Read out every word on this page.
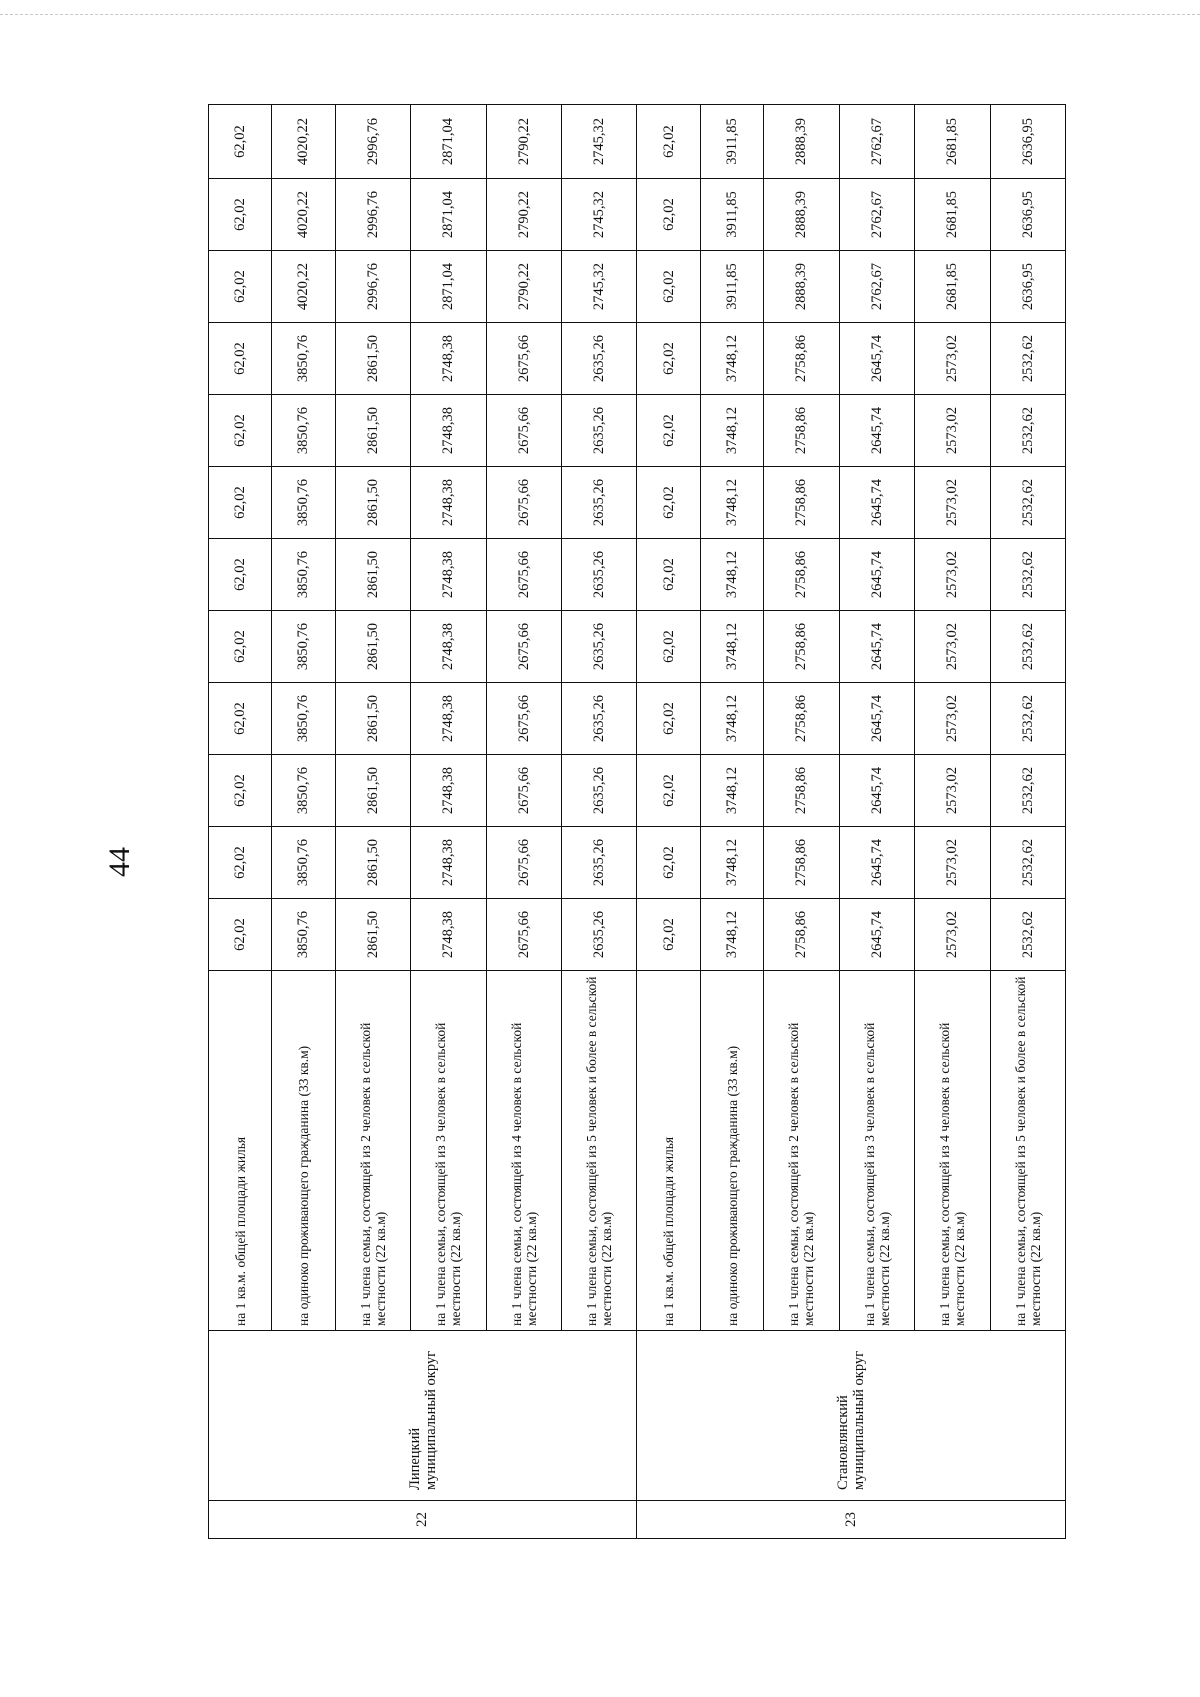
44
22	Липецкий муниципальный округ	на 1 кв.м. общей площади жилья	62,02	62,02	62,02	62,02	62,02	62,02	62,02	62,02	62,02	62,02	62,02	62,02
		на одиноко проживающего гражданина (33 кв.м)	3850,76	3850,76	3850,76	3850,76	3850,76	3850,76	3850,76	3850,76	3850,76	4020,22	4020,22	4020,22
		на 1 члена семьи, состоящей из 2 человек в сельской местности (22 кв.м)	2861,50	2861,50	2861,50	2861,50	2861,50	2861,50	2861,50	2861,50	2861,50	2996,76	2996,76	2996,76
		на 1 члена семьи, состоящей из 3 человек в сельской местности (22 кв.м)	2748,38	2748,38	2748,38	2748,38	2748,38	2748,38	2748,38	2748,38	2748,38	2871,04	2871,04	2871,04
		на 1 члена семьи, состоящей из 4 человек в сельской местности (22 кв.м)	2675,66	2675,66	2675,66	2675,66	2675,66	2675,66	2675,66	2675,66	2675,66	2790,22	2790,22	2790,22
		на 1 члена семьи, состоящей из 5 человек и более в сельской местности (22 кв.м)	2635,26	2635,26	2635,26	2635,26	2635,26	2635,26	2635,26	2635,26	2635,26	2745,32	2745,32	2745,32
23	Становлянский муниципальный округ	на 1 кв.м. общей площади жилья	62,02	62,02	62,02	62,02	62,02	62,02	62,02	62,02	62,02	62,02	62,02	62,02
		на одиноко проживающего гражданина (33 кв.м)	3748,12	3748,12	3748,12	3748,12	3748,12	3748,12	3748,12	3748,12	3748,12	3911,85	3911,85	3911,85
		на 1 члена семьи, состоящей из 2 человек в сельской местности (22 кв.м)	2758,86	2758,86	2758,86	2758,86	2758,86	2758,86	2758,86	2758,86	2758,86	2888,39	2888,39	2888,39
		на 1 члена семьи, состоящей из 3 человек в сельской местности (22 кв.м)	2645,74	2645,74	2645,74	2645,74	2645,74	2645,74	2645,74	2645,74	2645,74	2762,67	2762,67	2762,67
		на 1 члена семьи, состоящей из 4 человек в сельской местности (22 кв.м)	2573,02	2573,02	2573,02	2573,02	2573,02	2573,02	2573,02	2573,02	2573,02	2681,85	2681,85	2681,85
		на 1 члена семьи, состоящей из 5 человек и более в сельской местности (22 кв.м)	2532,62	2532,62	2532,62	2532,62	2532,62	2532,62	2532,62	2532,62	2532,62	2636,95	2636,95	2636,95
